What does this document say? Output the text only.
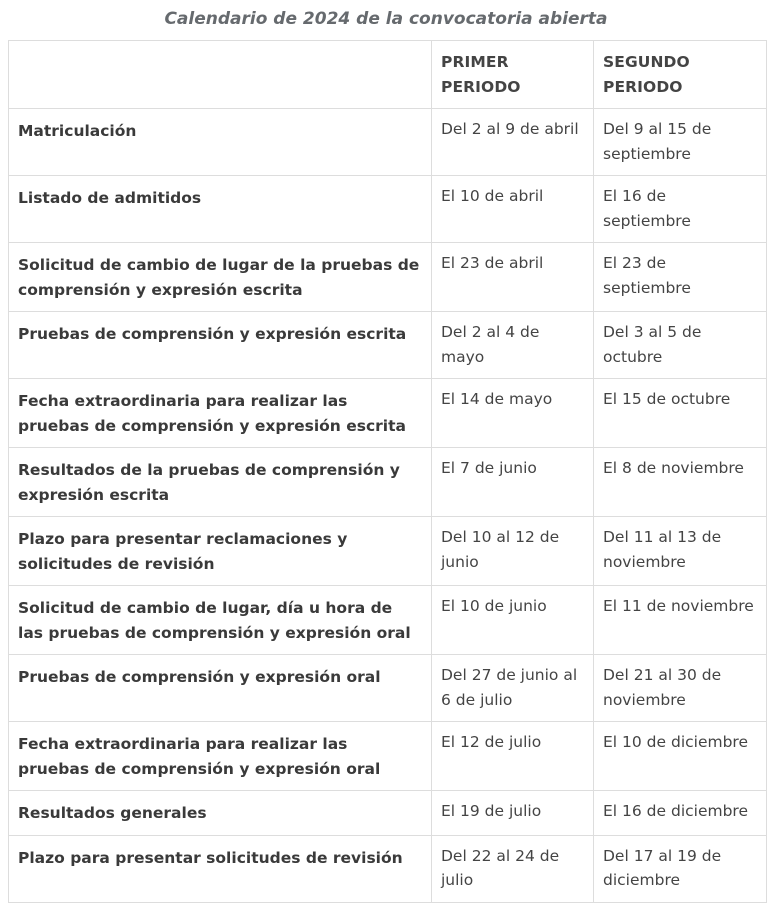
Calendario de 2024 de la convocatoria abierta
	PRIMER PERIODO	SEGUNDO PERIODO
Matriculación	Del 2 al 9 de abril	Del 9 al 15 de septiembre
Listado de admitidos	El 10 de abril	El 16 de septiembre
Solicitud de cambio de lugar de la pruebas de comprensión y expresión escrita	El 23 de abril	El 23 de septiembre
Pruebas de comprensión y expresión escrita	Del 2 al 4 de mayo	Del 3 al 5 de octubre
Fecha extraordinaria para realizar las pruebas de comprensión y expresión escrita	El 14 de mayo	El 15 de octubre
Resultados de la pruebas de comprensión y expresión escrita	El 7 de junio	El 8 de noviembre
Plazo para presentar reclamaciones y solicitudes de revisión	Del 10 al 12 de junio	Del 11 al 13 de noviembre
Solicitud de cambio de lugar, día u hora de las pruebas de comprensión y expresión oral	El 10 de junio	El 11 de noviembre
Pruebas de comprensión y expresión oral	Del 27 de junio al 6 de julio	Del 21 al 30 de noviembre
Fecha extraordinaria para realizar las pruebas de comprensión y expresión oral	El 12 de julio	El 10 de diciembre
Resultados generales	El 19 de julio	El 16 de diciembre
Plazo para presentar solicitudes de revisión	Del 22 al 24 de julio	Del 17 al 19 de diciembre
